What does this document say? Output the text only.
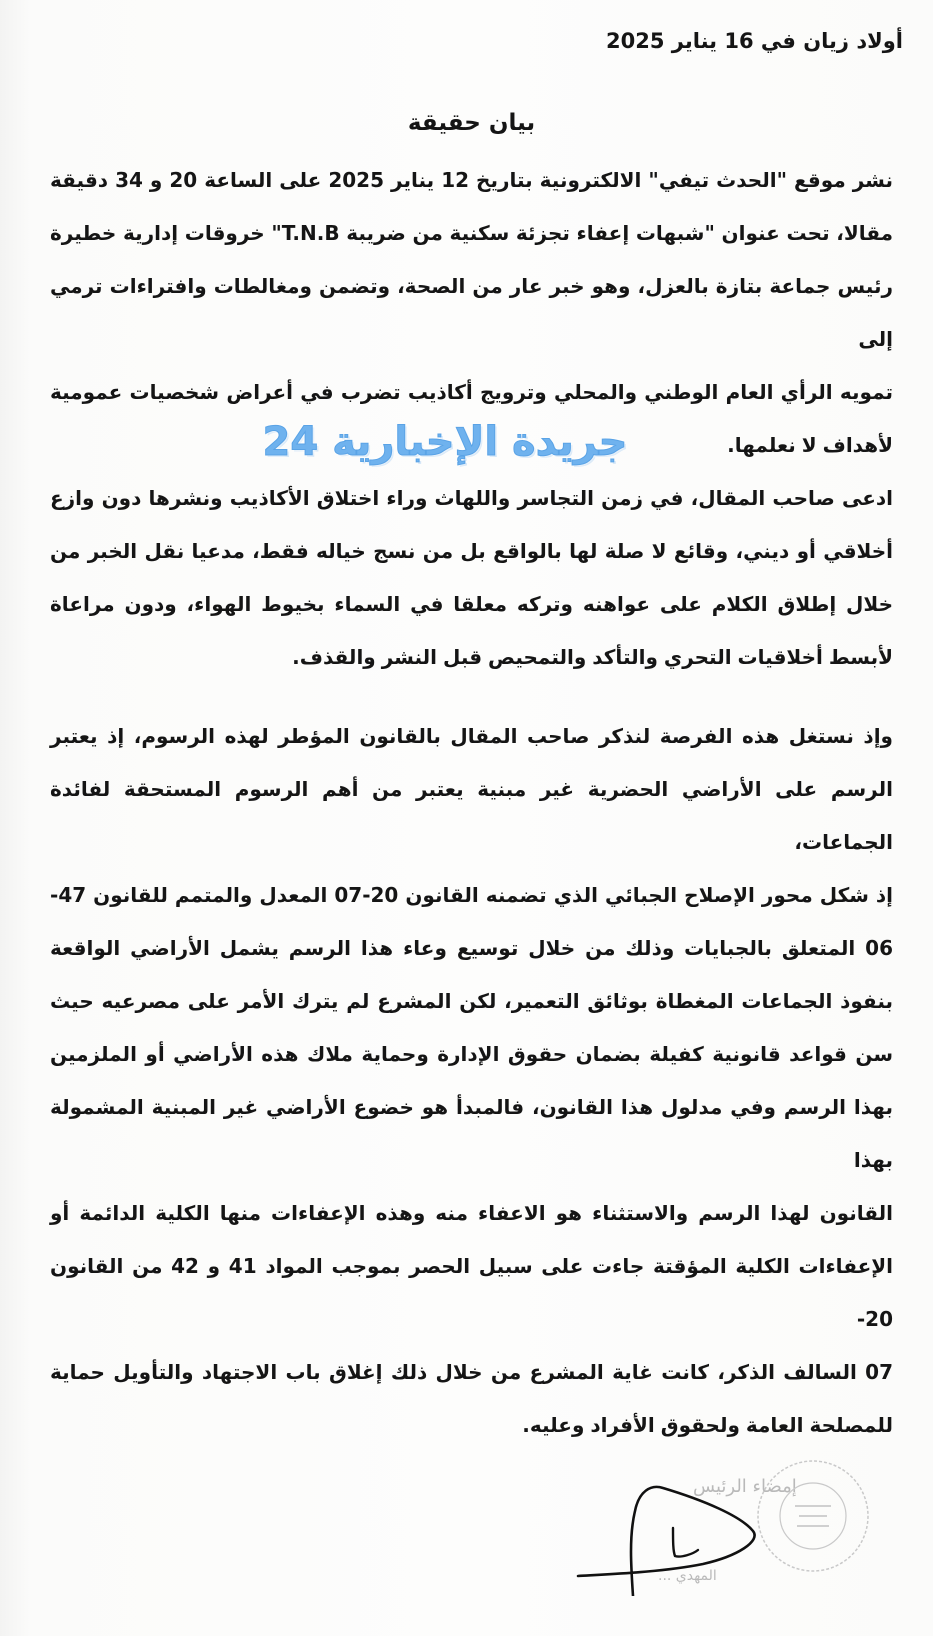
أولاد زيان في 16 يناير 2025
بيان حقيقة
نشر موقع "الحدث تيفي" الالكترونية بتاريخ 12 يناير 2025 على الساعة 20 و 34 دقيقة
مقالا، تحت عنوان "شبهات إعفاء تجزئة سكنية من ضريبة T.N.B" خروقات إدارية خطيرة
رئيس جماعة بتازة بالعزل، وهو خبر عار من الصحة، وتضمن ومغالطات وافتراءات ترمي إلى
تمويه الرأي العام الوطني والمحلي وترويج أكاذيب تضرب في أعراض شخصيات عمومية
لأهداف لا نعلمها.
جريدة الإخبارية 24
ادعى صاحب المقال، في زمن التجاسر واللهاث وراء اختلاق الأكاذيب ونشرها دون وازع
أخلاقي أو ديني، وقائع لا صلة لها بالواقع بل من نسج خياله فقط، مدعيا نقل الخبر من
خلال إطلاق الكلام على عواهنه وتركه معلقا في السماء بخيوط الهواء، ودون مراعاة
لأبسط أخلاقيات التحري والتأكد والتمحيص قبل النشر والقذف.
وإذ نستغل هذه الفرصة لنذكر صاحب المقال بالقانون المؤطر لهذه الرسوم، إذ يعتبر
الرسم على الأراضي الحضرية غير مبنية يعتبر من أهم الرسوم المستحقة لفائدة الجماعات،
إذ شكل محور الإصلاح الجبائي الذي تضمنه القانون 20-07 المعدل والمتمم للقانون 47-
06 المتعلق بالجبايات وذلك من خلال توسيع وعاء هذا الرسم يشمل الأراضي الواقعة
بنفوذ الجماعات المغطاة بوثائق التعمير، لكن المشرع لم يترك الأمر على مصرعيه حيث
سن قواعد قانونية كفيلة بضمان حقوق الإدارة وحماية ملاك هذه الأراضي أو الملزمين
بهذا الرسم وفي مدلول هذا القانون، فالمبدأ هو خضوع الأراضي غير المبنية المشمولة بهذا
القانون لهذا الرسم والاستثناء هو الاعفاء منه وهذه الإعفاءات منها الكلية الدائمة أو
الإعفاءات الكلية المؤقتة جاءت على سبيل الحصر بموجب المواد 41 و 42 من القانون 20-
07 السالف الذكر، كانت غاية المشرع من خلال ذلك إغلاق باب الاجتهاد والتأويل حماية
للمصلحة العامة ولحقوق الأفراد وعليه.
إمضاء الرئيس
المهدي ...
